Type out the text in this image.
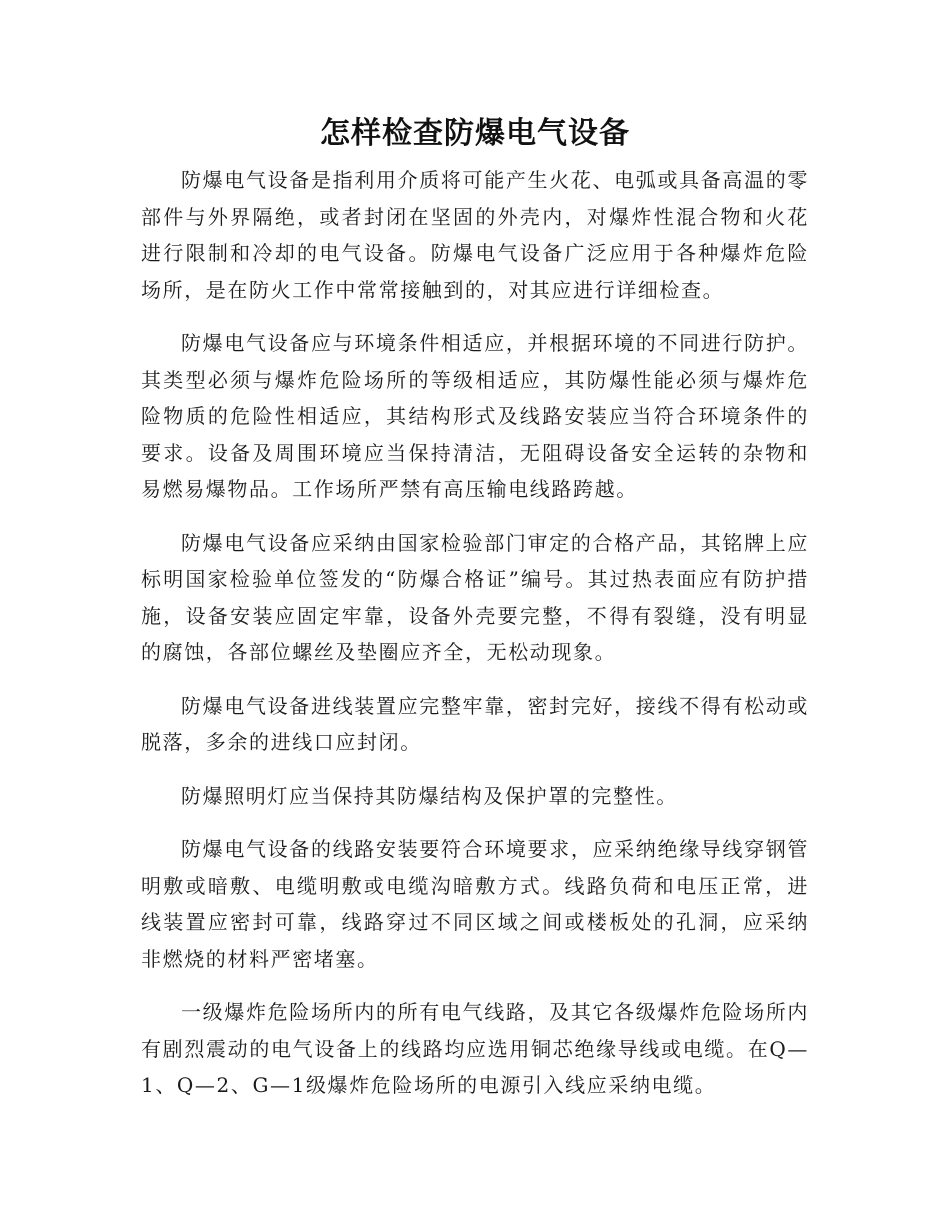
怎样检查防爆电气设备

防爆电气设备是指利用介质将可能产生火花、电弧或具备高温的零部件与外界隔绝，或者封闭在坚固的外壳内，对爆炸性混合物和火花进行限制和冷却的电气设备。防爆电气设备广泛应用于各种爆炸危险场所，是在防火工作中常常接触到的，对其应进行详细检查。

防爆电气设备应与环境条件相适应，并根据环境的不同进行防护。其类型必须与爆炸危险场所的等级相适应，其防爆性能必须与爆炸危险物质的危险性相适应，其结构形式及线路安装应当符合环境条件的要求。设备及周围环境应当保持清洁，无阻碍设备安全运转的杂物和易燃易爆物品。工作场所严禁有高压输电线路跨越。

防爆电气设备应采纳由国家检验部门审定的合格产品，其铭牌上应标明国家检验单位签发的“防爆合格证”编号。其过热表面应有防护措施，设备安装应固定牢靠，设备外壳要完整，不得有裂缝，没有明显的腐蚀，各部位螺丝及垫圈应齐全，无松动现象。

防爆电气设备进线装置应完整牢靠，密封完好，接线不得有松动或脱落，多余的进线口应封闭。

防爆照明灯应当保持其防爆结构及保护罩的完整性。

防爆电气设备的线路安装要符合环境要求，应采纳绝缘导线穿钢管明敷或暗敷、电缆明敷或电缆沟暗敷方式。线路负荷和电压正常，进线装置应密封可靠，线路穿过不同区域之间或楼板处的孔洞，应采纳非燃烧的材料严密堵塞。

一级爆炸危险场所内的所有电气线路，及其它各级爆炸危险场所内有剧烈震动的电气设备上的线路均应选用铜芯绝缘导线或电缆。在Q—1、Q—2、G—1级爆炸危险场所的电源引入线应采纳电缆。
